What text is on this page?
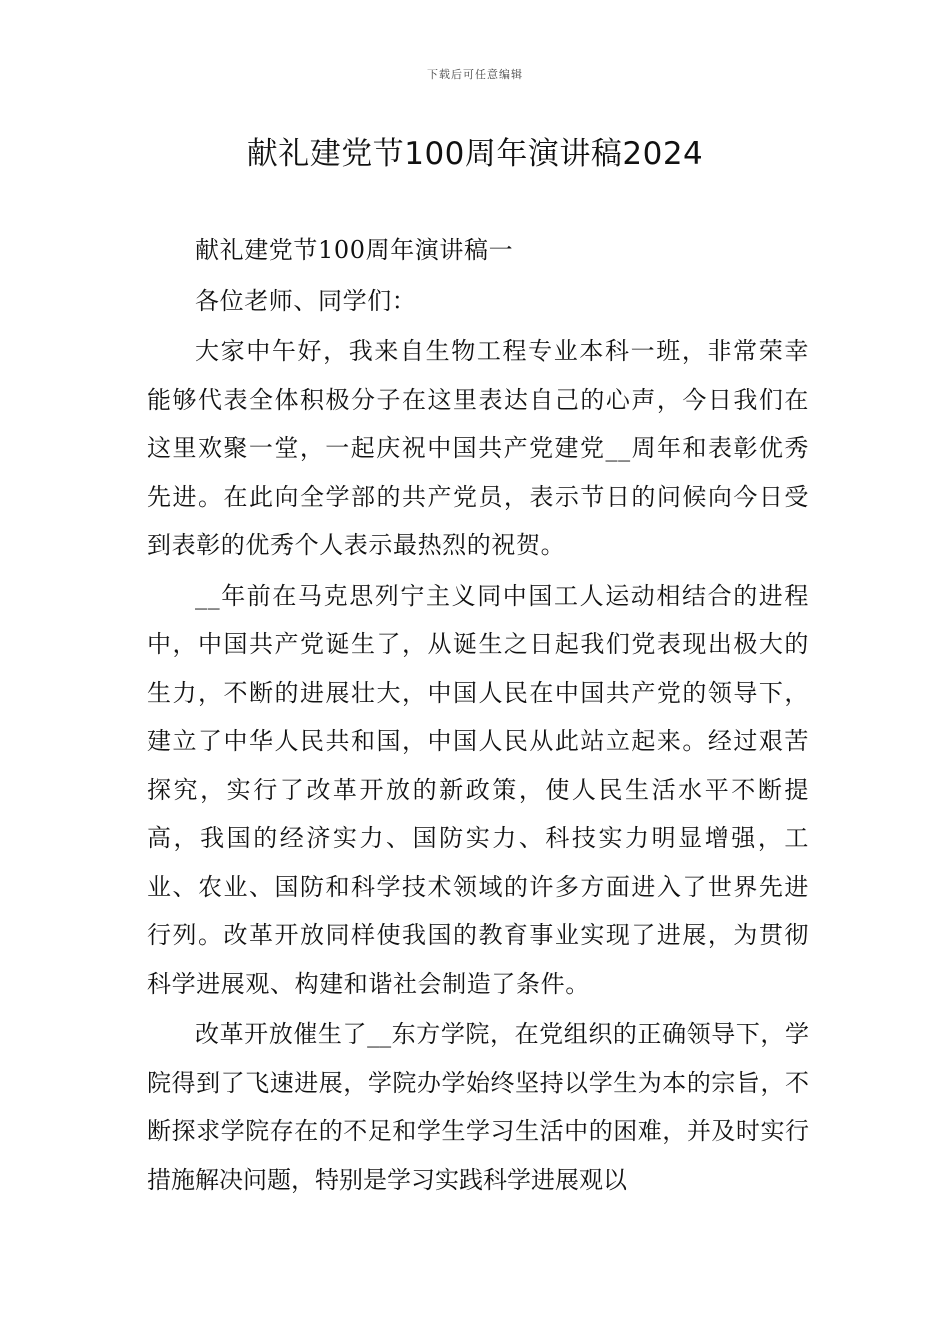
下载后可任意编辑
献礼建党节100周年演讲稿2024

献礼建党节100周年演讲稿一

各位老师、同学们：

大家中午好，我来自生物工程专业本科一班，非常荣幸能够代表全体积极分子在这里表达自己的心声，今日我们在这里欢聚一堂，一起庆祝中国共产党建党__周年和表彰优秀先进。在此向全学部的共产党员，表示节日的问候向今日受到表彰的优秀个人表示最热烈的祝贺。

__年前在马克思列宁主义同中国工人运动相结合的进程中，中国共产党诞生了，从诞生之日起我们党表现出极大的生力，不断的进展壮大，中国人民在中国共产党的领导下，建立了中华人民共和国，中国人民从此站立起来。经过艰苦探究，实行了改革开放的新政策，使人民生活水平不断提高，我国的经济实力、国防实力、科技实力明显增强，工业、农业、国防和科学技术领域的许多方面进入了世界先进行列。改革开放同样使我国的教育事业实现了进展，为贯彻科学进展观、构建和谐社会制造了条件。

改革开放催生了__东方学院，在党组织的正确领导下，学院得到了飞速进展，学院办学始终坚持以学生为本的宗旨，不断探求学院存在的不足和学生学习生活中的困难，并及时实行措施解决问题，特别是学习实践科学进展观以
